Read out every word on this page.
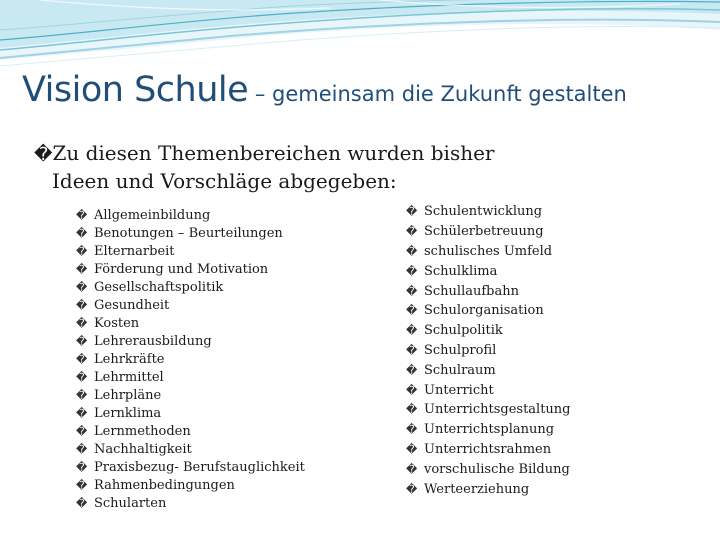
Vision Schule – gemeinsam die Zukunft gestalten
�Zu diesen Themenbereichen wurden bisher
Ideen und Vorschläge abgegeben:
� Allgemeinbildung
� Benotungen – Beurteilungen
� Elternarbeit
� Förderung und Motivation
� Gesellschaftspolitik
� Gesundheit
� Kosten
� Lehrerausbildung
� Lehrkräfte
� Lehrmittel
� Lehrpläne
� Lernklima
� Lernmethoden
� Nachhaltigkeit
� Praxisbezug- Berufstauglichkeit
� Rahmenbedingungen
� Schularten
� Schulentwicklung
� Schülerbetreuung
� schulisches Umfeld
� Schulklima
� Schullaufbahn
� Schulorganisation
� Schulpolitik
� Schulprofil
� Schulraum
� Unterricht
� Unterrichtsgestaltung
� Unterrichtsplanung
� Unterrichtsrahmen
� vorschulische Bildung
� Werteerziehung
